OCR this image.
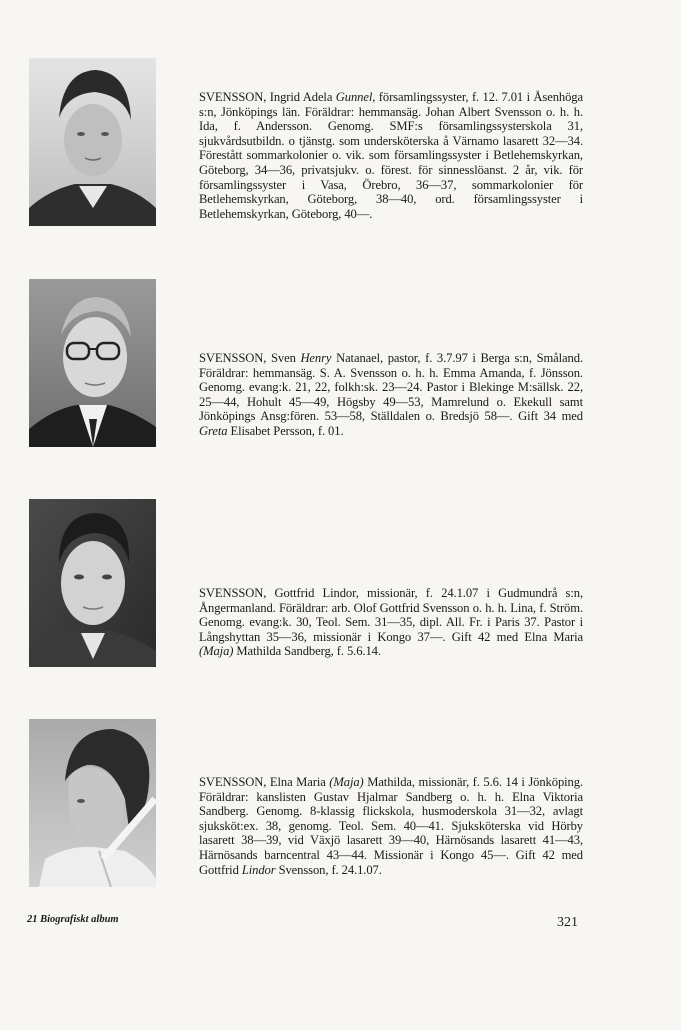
SVENSSON, Ingrid Adela Gunnel, församlingssyster, f. 12. 7.01 i Åsenhöga s:n, Jönköpings län. Föräldrar: hemmansäg. Johan Albert Svensson o. h. h. Ida, f. Andersson. Genomg. SMF:s församlingssysterskola 31, sjukvårdsutbildn. o tjänstg. som undersköterska å Värnamo lasarett 32—34. Förestått sommarkolonier o. vik. som församlingssyster i Betlehemskyrkan, Göteborg, 34—36, privatsjukv. o. förest. för sinnesslöanst. 2 år, vik. för församlingssyster i Vasa, Örebro, 36—37, sommarkolonier för Betlehemskyrkan, Göteborg, 38—40, ord. församlingssyster i Betlehemskyrkan, Göteborg, 40—.

SVENSSON, Sven Henry Natanael, pastor, f. 3.7.97 i Berga s:n, Småland. Föräldrar: hemmansäg. S. A. Svensson o. h. h. Emma Amanda, f. Jönsson. Genomg. evang:k. 21, 22, folkh:sk. 23—24. Pastor i Blekinge M:sällsk. 22, 25—44, Hohult 45—49, Högsby 49—53, Mamrelund o. Ekekull samt Jönköpings Ansg:fören. 53—58, Ställdalen o. Bredsjö 58—. Gift 34 med Greta Elisabet Persson, f. 01.

SVENSSON, Gottfrid Lindor, missionär, f. 24.1.07 i Gudmundrå s:n, Ångermanland. Föräldrar: arb. Olof Gottfrid Svensson o. h. h. Lina, f. Ström. Genomg. evang:k. 30, Teol. Sem. 31—35, dipl. All. Fr. i Paris 37. Pastor i Långshyttan 35—36, missionär i Kongo 37—. Gift 42 med Elna Maria (Maja) Mathilda Sandberg, f. 5.6.14.

SVENSSON, Elna Maria (Maja) Mathilda, missionär, f. 5.6. 14 i Jönköping. Föräldrar: kanslisten Gustav Hjalmar Sandberg o. h. h. Elna Viktoria Sandberg. Genomg. 8-klassig flickskola, husmoderskola 31—32, avlagt sjuksköt:ex. 38, genomg. Teol. Sem. 40—41. Sjuksköterska vid Hörby lasarett 38—39, vid Växjö lasarett 39—40, Härnösands lasarett 41—43, Härnösands barncentral 43—44. Missionär i Kongo 45—. Gift 42 med Gottfrid Lindor Svensson, f. 24.1.07.

21 Biografiskt album	321
